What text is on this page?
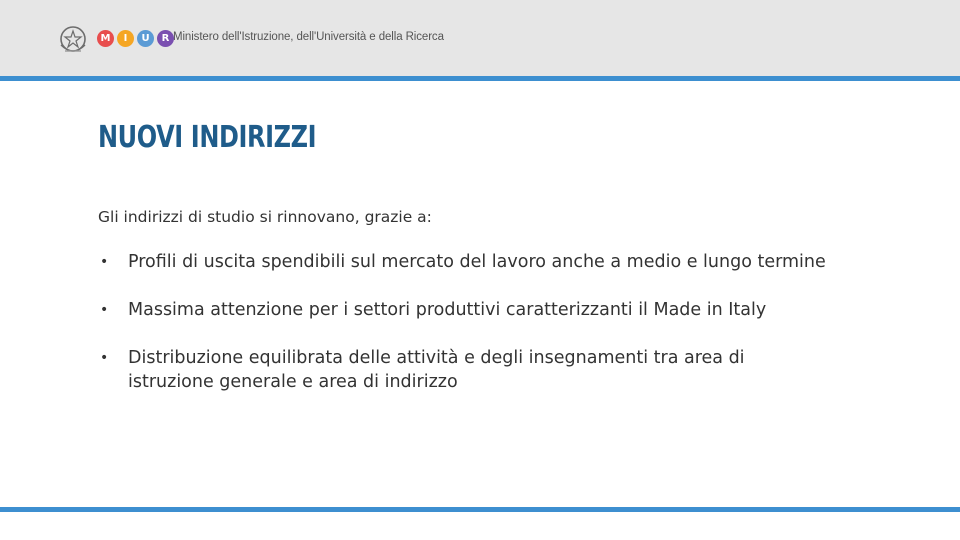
M	I	U	R Ministero dell'Istruzione, dell'Università e della Ricerca
NUOVI INDIRIZZI
Gli indirizzi di studio si rinnovano, grazie a:
• Profili di uscita spendibili sul mercato del lavoro anche a medio e lungo termine
• Massima attenzione per i settori produttivi caratterizzanti il Made in Italy
• Distribuzione equilibrata delle attività e degli insegnamenti tra area di istruzione generale e area di indirizzo
